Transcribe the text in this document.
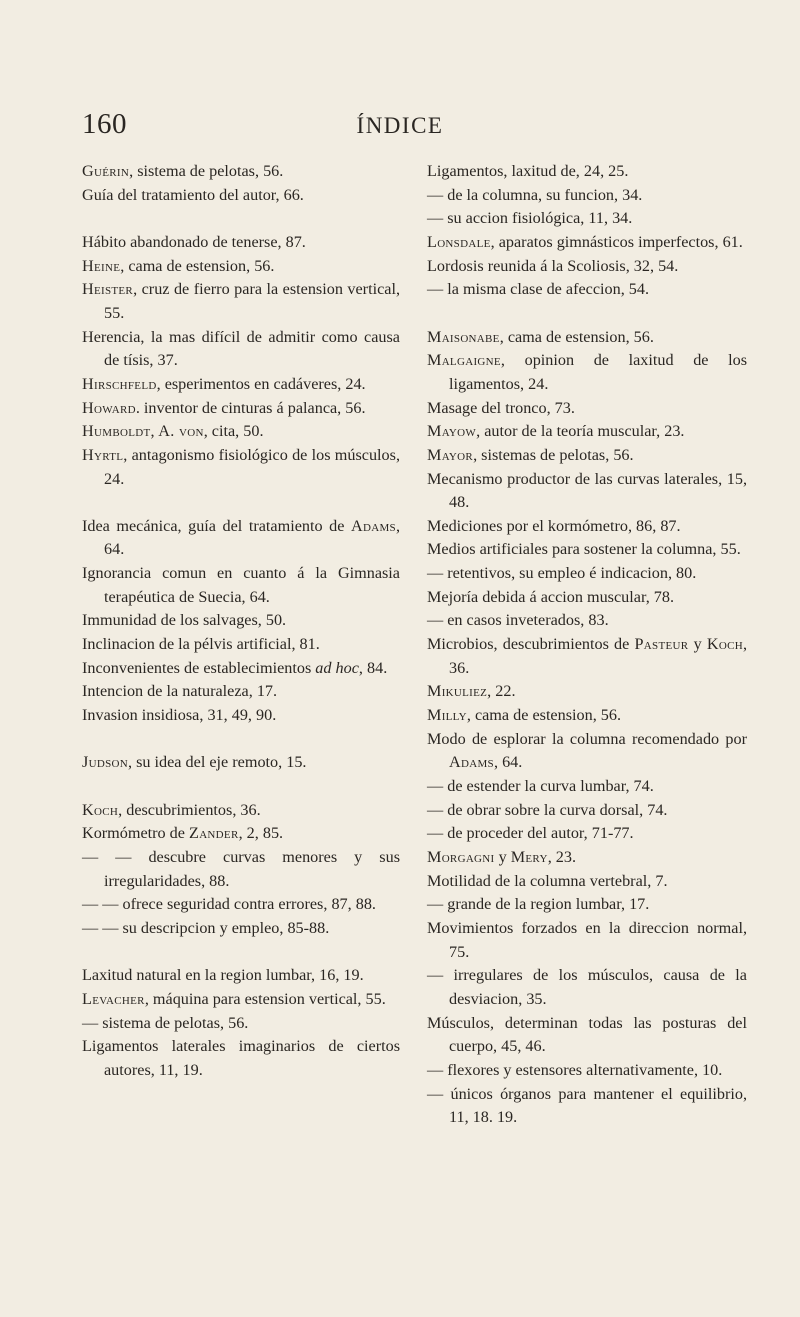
160	ÍNDICE
Guérin, sistema de pelotas, 56.
Guía del tratamiento del autor, 66.
Hábito abandonado de tenerse, 87.
Heine, cama de estension, 56.
Heister, cruz de fierro para la estension vertical, 55.
Herencia, la mas difícil de admitir como causa de tísis, 37.
Hirschfeld, esperimentos en cadáveres, 24.
Howard. inventor de cinturas á palanca, 56.
Humboldt, A. von, cita, 50.
Hyrtl, antagonismo fisiológico de los músculos, 24.
Idea mecánica, guía del tratamiento de Adams, 64.
Ignorancia comun en cuanto á la Gimnasia terapéutica de Suecia, 64.
Immunidad de los salvages, 50.
Inclinacion de la pélvis artificial, 81.
Inconvenientes de establecimientos ad hoc, 84.
Intencion de la naturaleza, 17.
Invasion insidiosa, 31, 49, 90.
Judson, su idea del eje remoto, 15.
Koch, descubrimientos, 36.
Kormómetro de Zander, 2, 85.
— — descubre curvas menores y sus irregularidades, 88.
— — ofrece seguridad contra errores, 87, 88.
— — su descripcion y empleo, 85-88.
Laxitud natural en la region lumbar, 16, 19.
Levacher, máquina para estension vertical, 55.
— sistema de pelotas, 56.
Ligamentos laterales imaginarios de ciertos autores, 11, 19.
Ligamentos, laxitud de, 24, 25.
— de la columna, su funcion, 34.
— su accion fisiológica, 11, 34.
Lonsdale, aparatos gimnásticos imperfectos, 61.
Lordosis reunida á la Scoliosis, 32, 54.
— la misma clase de afeccion, 54.
Maisonabe, cama de estension, 56.
Malgaigne, opinion de laxitud de los ligamentos, 24.
Masage del tronco, 73.
Mayow, autor de la teoría muscular, 23.
Mayor, sistemas de pelotas, 56.
Mecanismo productor de las curvas laterales, 15, 48.
Mediciones por el kormómetro, 86, 87.
Medios artificiales para sostener la columna, 55.
— retentivos, su empleo é indicacion, 80.
Mejoría debida á accion muscular, 78.
— en casos inveterados, 83.
Microbios, descubrimientos de Pasteur y Koch, 36.
Mikuliez, 22.
Milly, cama de estension, 56.
Modo de esplorar la columna recomendado por Adams, 64.
— de estender la curva lumbar, 74.
— de obrar sobre la curva dorsal, 74.
— de proceder del autor, 71-77.
Morgagni y Mery, 23.
Motilidad de la columna vertebral, 7.
— grande de la region lumbar, 17.
Movimientos forzados en la direccion normal, 75.
— irregulares de los músculos, causa de la desviacion, 35.
Músculos, determinan todas las posturas del cuerpo, 45, 46.
— flexores y estensores alternativamente, 10.
— únicos órganos para mantener el equilibrio, 11, 18. 19.
